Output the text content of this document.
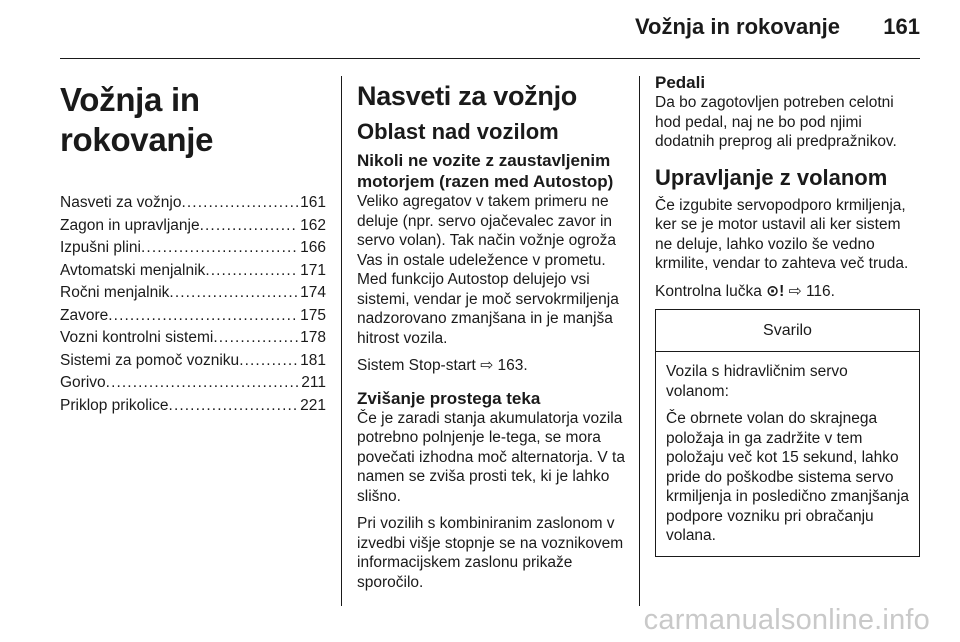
Vožnja in rokovanje 161
Vožnja in rokovanje
Nasveti za vožnjo .....	161
Zagon in upravljanje .....	162
Izpušni plini .....	166
Avtomatski menjalnik .....	171
Ročni menjalnik .....	174
Zavore .....	175
Vozni kontrolni sistemi .....	178
Sistemi za pomoč vozniku .....	181
Gorivo .....	211
Priklop prikolice .....	221
Nasveti za vožnjo
Oblast nad vozilom
Nikoli ne vozite z zaustavljenim motorjem (razen med Autostop)

Veliko agregatov v takem primeru ne deluje (npr. servo ojačevalec zavor in servo volan). Tak način vožnje ogroža Vas in ostale udeležence v prometu. Med funkcijo Autostop delujejo vsi sistemi, vendar je moč servokrmiljenja nadzorovano zmanjšana in je manjša hitrost vozila.

Sistem Stop-start ⇨ 163.

Zvišanje prostega teka

Če je zaradi stanja akumulatorja vozila potrebno polnjenje le-tega, se mora povečati izhodna moč alternatorja. V ta namen se zviša prosti tek, ki je lahko slišno.

Pri vozilih s kombiniranim zaslonom v izvedbi višje stopnje se na voznikovem informacijskem zaslonu prikaže sporočilo.

Pedali

Da bo zagotovljen potreben celotni hod pedal, naj ne bo pod njimi dodatnih preprog ali predpražnikov.

Upravljanje z volanom

Če izgubite servopodporo krmiljenja, ker se je motor ustavil ali ker sistem ne deluje, lahko vozilo še vedno krmilite, vendar to zahteva več truda.

Kontrolna lučka ⊙! ⇨ 116.

Svarilo

Vozila s hidravličnim servo volanom:

Če obrnete volan do skrajnega položaja in ga zadržite v tem položaju več kot 15 sekund, lahko pride do poškodbe sistema servo krmiljenja in posledično zmanjšanja podpore vozniku pri obračanju volana.

carmanualsonline.info
